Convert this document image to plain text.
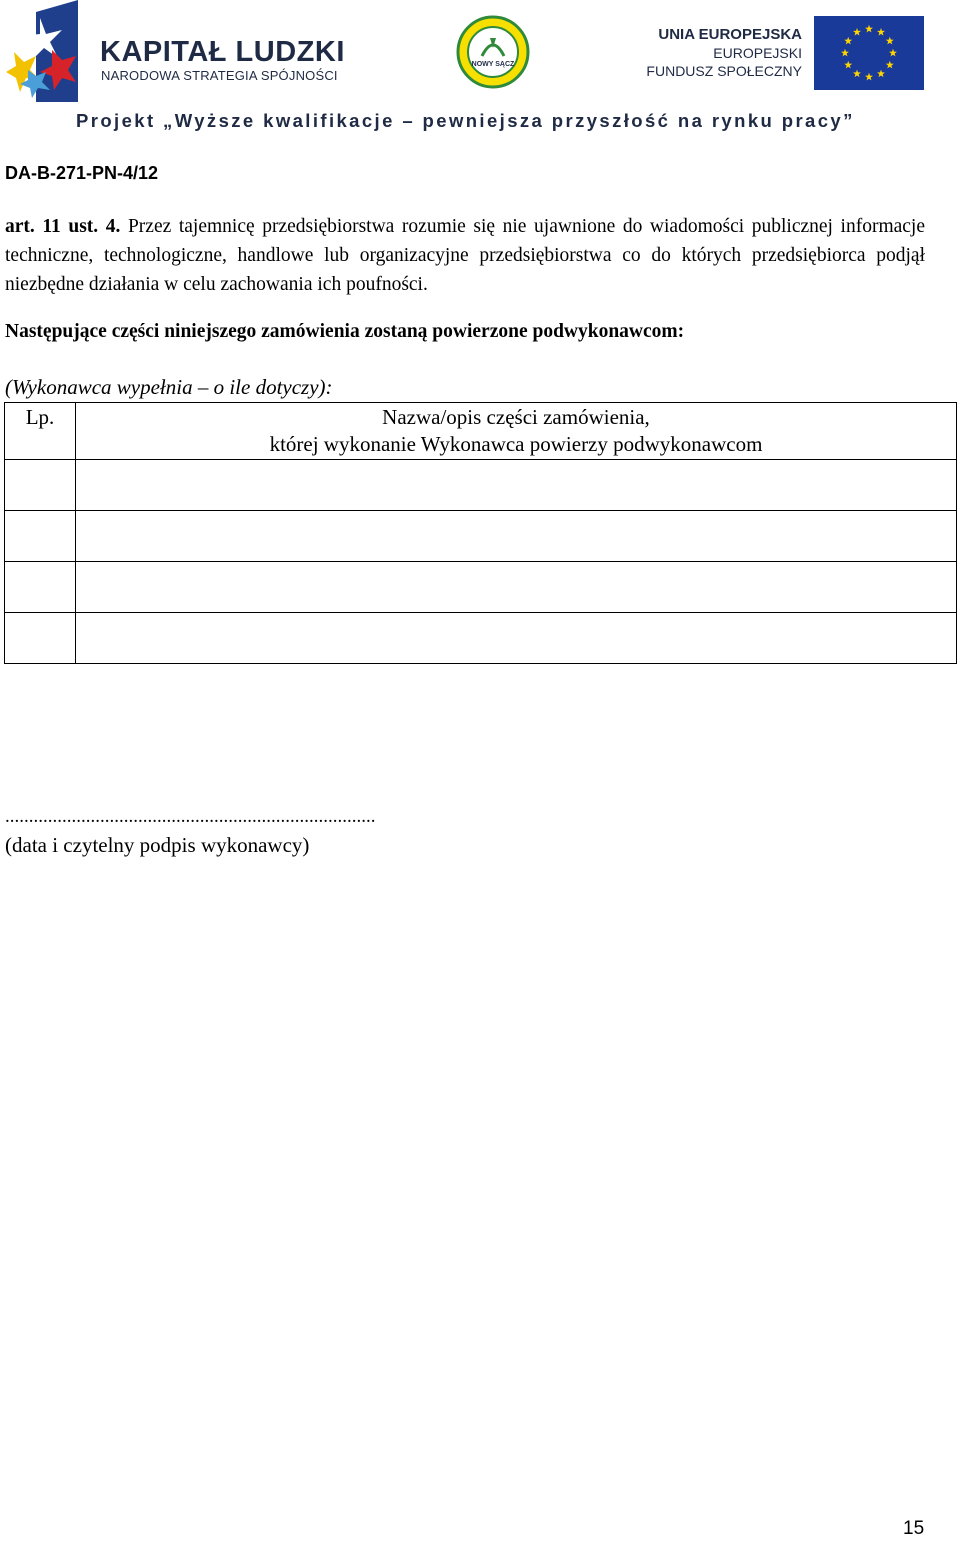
KAPITAŁ LUDZKI
NARODOWA STRATEGIA SPÓJNOŚCI
NOWY SĄCZ
UNIA EUROPEJSKA
EUROPEJSKI
FUNDUSZ SPOŁECZNY
Projekt „Wyższe kwalifikacje – pewniejsza przyszłość na rynku pracy”
DA-B-271-PN-4/12
art. 11 ust. 4. Przez tajemnicę przedsiębiorstwa rozumie się nie ujawnione do wiadomości publicznej informacje techniczne, technologiczne, handlowe lub organizacyjne przedsiębiorstwa co do których przedsiębiorca podjął niezbędne działania w celu zachowania ich poufności.
Następujące części niniejszego zamówienia zostaną powierzone podwykonawcom:
(Wykonawca wypełnia – o ile dotyczy):
Lp.	Nazwa/opis części zamówienia,
której wykonanie Wykonawca powierzy podwykonawcom

..............................................................................
(data i czytelny podpis wykonawcy)
15
